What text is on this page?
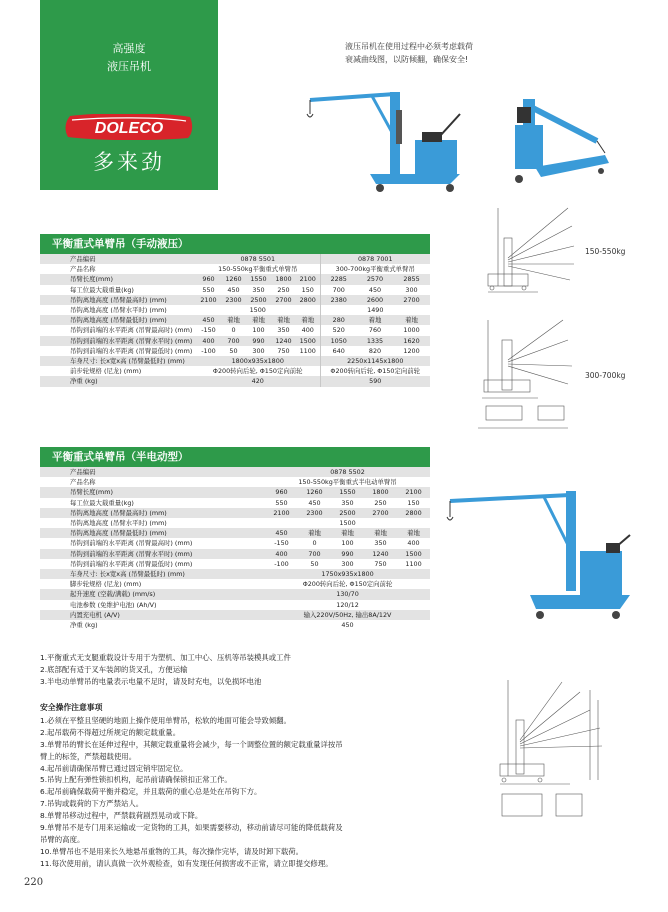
高强度
液压吊机
DOLECO
多来劲
液压吊机在使用过程中必须考虑载荷
衰减曲线图，以防倾翻，确保安全!
平衡重式单臂吊（手动液压）
产品编码	0878 5501					0878 7001		
产品名称	150-550kg平衡重式单臂吊					300-700kg平衡重式单臂吊		
吊臂长度(mm)	960	1260	1550	1800	2100	2285	2570	2855
每工位最大载重量(kg)	550	450	350	250	150	700	450	300
吊钩离地高度 (吊臂最高时) (mm)	2100	2300	2500	2700	2800	2380	2600	2700
吊钩离地高度 (吊臂水平时) (mm)	1500					1490		
吊钩离地高度 (吊臂最低时) (mm)	450	着地	着地	着地	着地	280	着地	着地
吊钩到前端的水平距离 (吊臂最高时) (mm)	-150	0	100	350	400	520	760	1000
吊钩到前端的水平距离 (吊臂水平时) (mm)	400	700	990	1240	1500	1050	1335	1620
吊钩到前端的水平距离 (吊臂最低时) (mm)	-100	50	300	750	1100	640	820	1200
车身尺寸: 长x宽x高 (吊臂最低时) (mm)	1800x935x1800					2250x1145x1800		
前步轮规格 (尼龙) (mm)	Φ200转向后轮, Φ150定向前轮					Φ200转向后轮, Φ150定向前轮		
净重 (kg)	420					590		
150-550kg
300-700kg
平衡重式单臂吊（半电动型）
产品编码	0878 5502				
产品名称	150-550kg平衡重式半电动单臂吊				
吊臂长度(mm)	960	1260	1550	1800	2100
每工位最大载重量(kg)	550	450	350	250	150
吊钩离地高度 (吊臂最高时) (mm)	2100	2300	2500	2700	2800
吊钩离地高度 (吊臂水平时) (mm)	1500				
吊钩离地高度 (吊臂最低时) (mm)	450	着地	着地	着地	着地
吊钩到前端的水平距离 (吊臂最高时) (mm)	-150	0	100	350	400
吊钩到前端的水平距离 (吊臂水平时) (mm)	400	700	990	1240	1500
吊钩到前端的水平距离 (吊臂最低时) (mm)	-100	50	300	750	1100
车身尺寸: 长x宽x高 (吊臂最低时) (mm)	1750x935x1800				
脚步轮规格 (尼龙) (mm)	Φ200转向后轮, Φ150定向前轮				
起升速度 (空载/满载) (mm/s)	130/70				
电池参数 (免维护电池) (Ah/V)	120/12				
内置充电机 (A/V)	输入220V/50Hz, 输出8A/12V				
净重 (kg)	450				

1.平衡重式无支腿重载设计专用于为塑机、加工中心、压机等吊装模具或工件

2.底部配有适于叉车装卸的货叉孔，方便运输

3.半电动单臂吊的电量表示电量不足时，请及时充电，以免损坏电池

安全操作注意事项

1.必须在平整且坚硬的地面上操作使用单臂吊，松软的地面可能会导致倾翻。

2.起吊载荷不得超过所规定的额定载重量。

3.单臂吊的臂长在延伸过程中，其额定载重量将会减少，每一个调整位置的额定载重量详按吊

臂上的标签，严禁超载使用。

4.起吊前请确保吊臂已通过固定销牢固定位。

5.吊钩上配有弹性锁扣机构，起吊前请确保锁扣正常工作。

6.起吊前确保载荷平衡并稳定，并且载荷的重心总是处在吊钩下方。

7.吊钩或载荷的下方严禁站人。

8.单臂吊移动过程中，严禁载荷剧烈晃动或下降。

9.单臂吊不是专门用来运输或一定货物的工具，如果需要移动，移动前请尽可能的降低载荷及

吊臂的高度。

10.单臂吊也不是用来长久地悬吊重物的工具，每次操作完毕，请及时卸下载荷。

11.每次使用前，请认真做一次外观检查，如有发现任何损害或不正常，请立即提交修理。

220
